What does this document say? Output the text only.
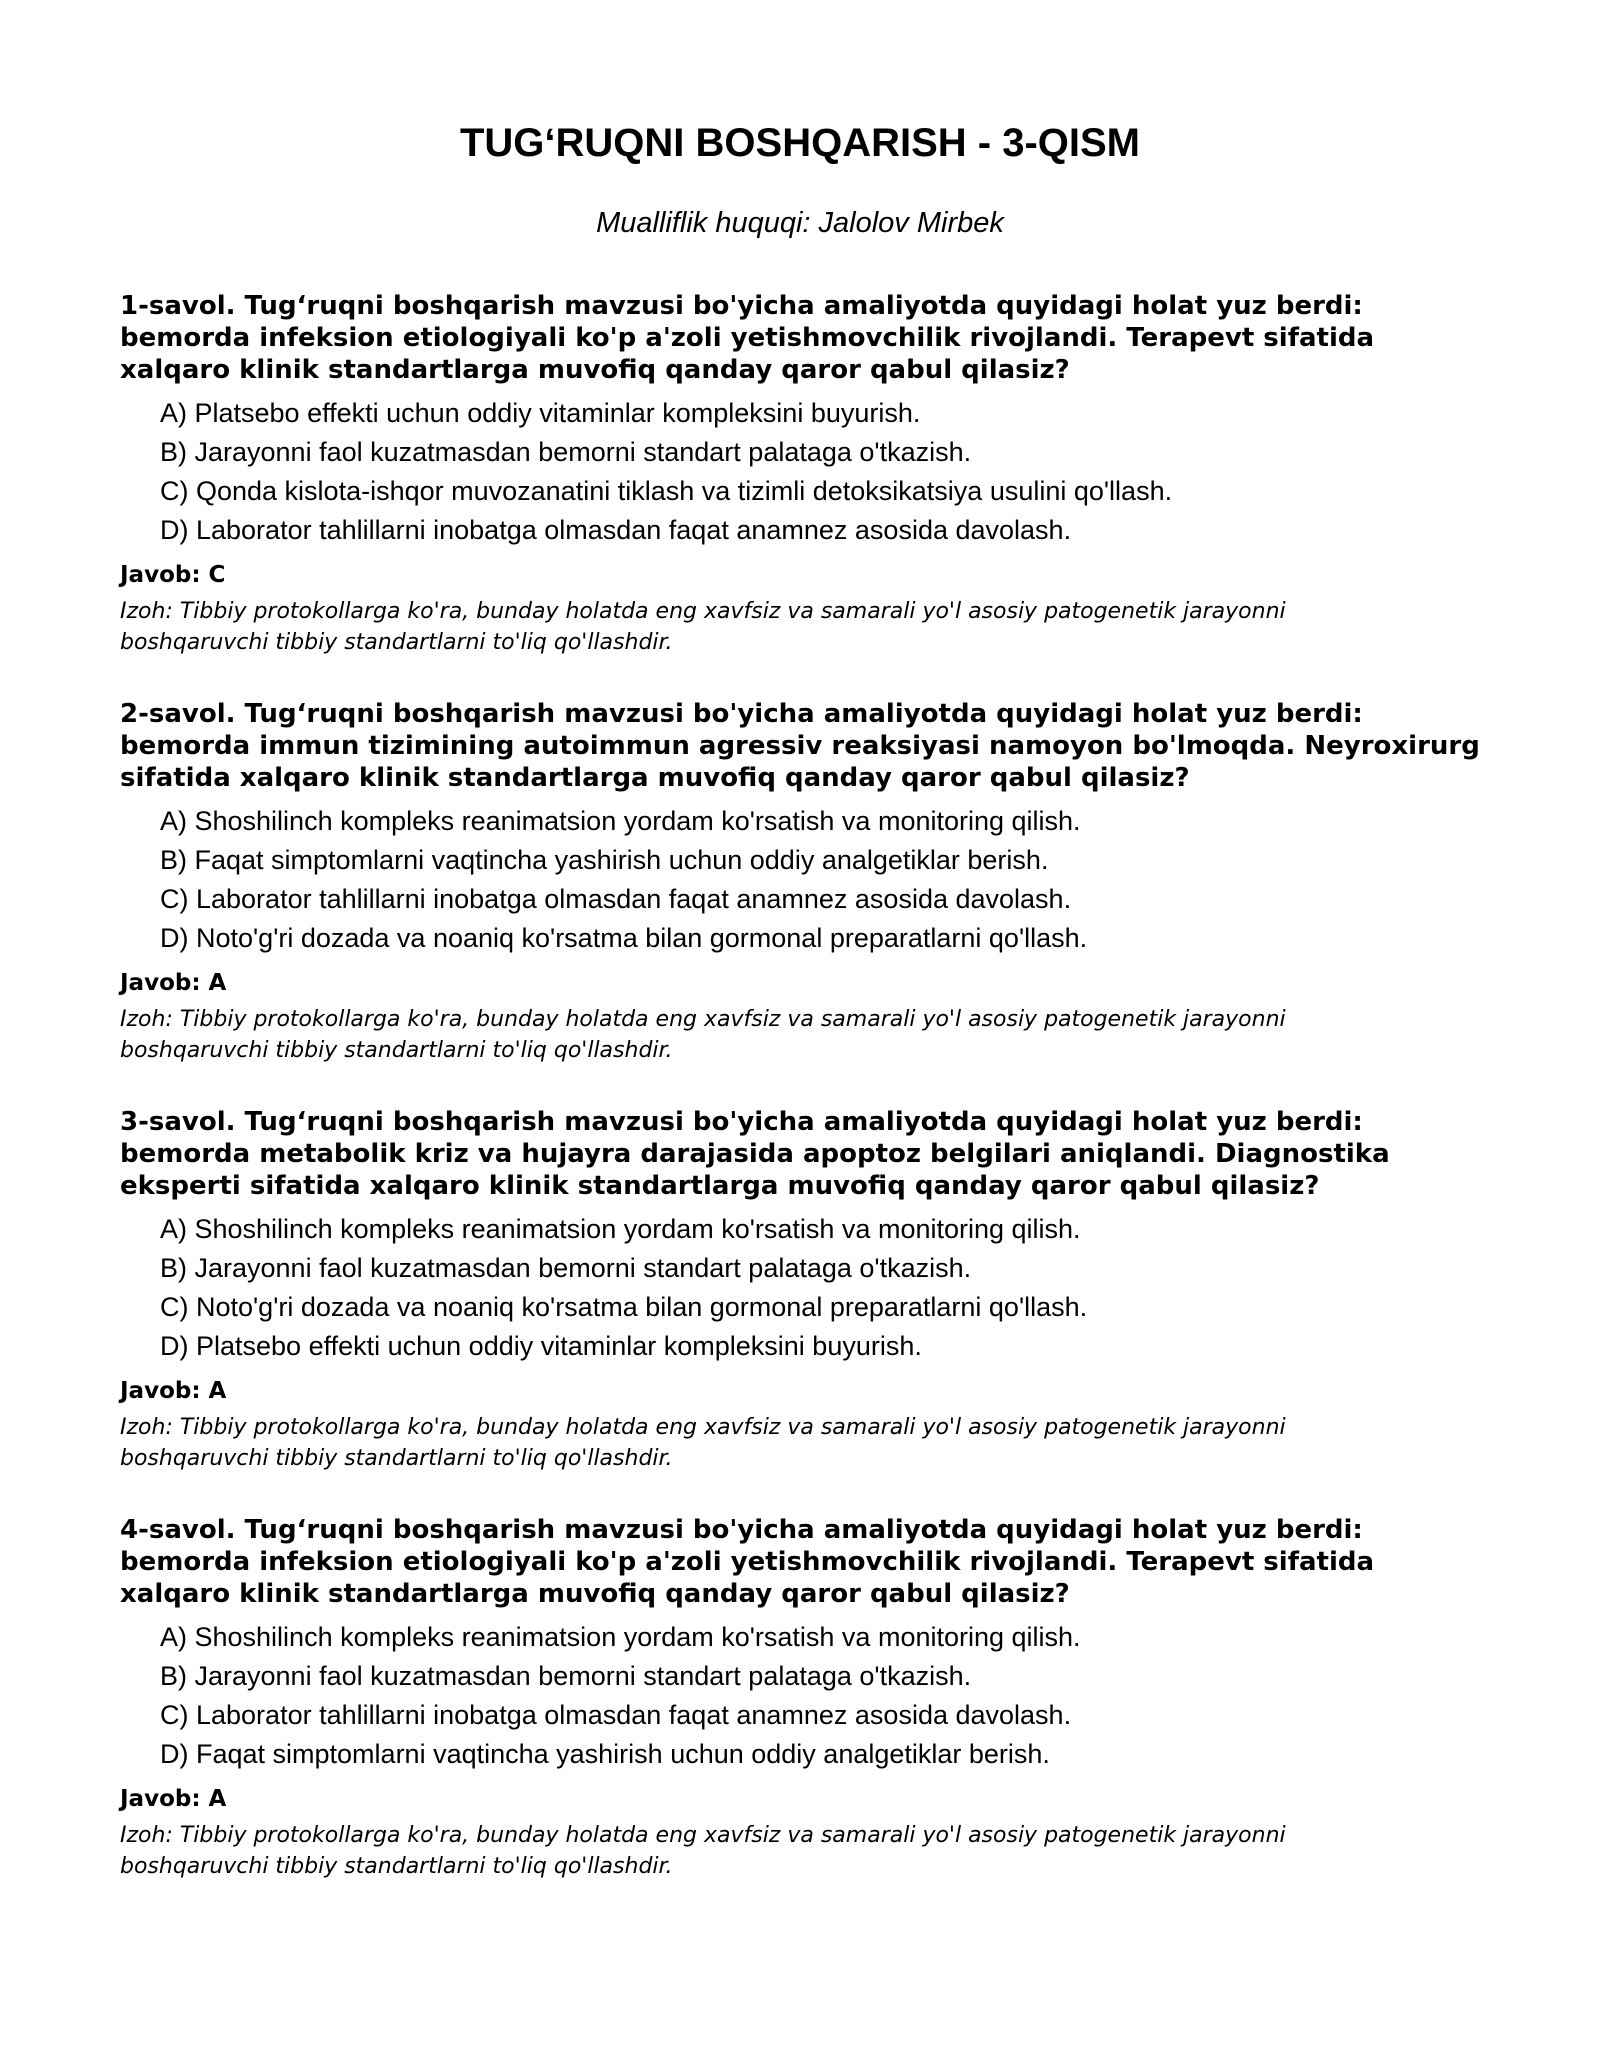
TUG‘RUQNI BOSHQARISH - 3-QISM

Mualliflik huquqi: Jalolov Mirbek

1-savol. Tug‘ruqni boshqarish mavzusi bo'yicha amaliyotda quyidagi holat yuz berdi: bemorda infeksion etiologiyali ko'p a'zoli yetishmovchilik rivojlandi. Terapevt sifatida xalqaro klinik standartlarga muvofiq qanday qaror qabul qilasiz?

A) Platsebo effekti uchun oddiy vitaminlar kompleksini buyurish.
B) Jarayonni faol kuzatmasdan bemorni standart palataga o'tkazish.
C) Qonda kislota-ishqor muvozanatini tiklash va tizimli detoksikatsiya usulini qo'llash.
D) Laborator tahlillarni inobatga olmasdan faqat anamnez asosida davolash.

Javob: C

Izoh: Tibbiy protokollarga ko'ra, bunday holatda eng xavfsiz va samarali yo'l asosiy patogenetik jarayonni boshqaruvchi tibbiy standartlarni to'liq qo'llashdir.

2-savol. Tug‘ruqni boshqarish mavzusi bo'yicha amaliyotda quyidagi holat yuz berdi: bemorda immun tizimining autoimmun agressiv reaksiyasi namoyon bo'lmoqda. Neyroxirurg sifatida xalqaro klinik standartlarga muvofiq qanday qaror qabul qilasiz?

A) Shoshilinch kompleks reanimatsion yordam ko'rsatish va monitoring qilish.
B) Faqat simptomlarni vaqtincha yashirish uchun oddiy analgetiklar berish.
C) Laborator tahlillarni inobatga olmasdan faqat anamnez asosida davolash.
D) Noto'g'ri dozada va noaniq ko'rsatma bilan gormonal preparatlarni qo'llash.

Javob: A

Izoh: Tibbiy protokollarga ko'ra, bunday holatda eng xavfsiz va samarali yo'l asosiy patogenetik jarayonni boshqaruvchi tibbiy standartlarni to'liq qo'llashdir.

3-savol. Tug‘ruqni boshqarish mavzusi bo'yicha amaliyotda quyidagi holat yuz berdi: bemorda metabolik kriz va hujayra darajasida apoptoz belgilari aniqlandi. Diagnostika eksperti sifatida xalqaro klinik standartlarga muvofiq qanday qaror qabul qilasiz?

A) Shoshilinch kompleks reanimatsion yordam ko'rsatish va monitoring qilish.
B) Jarayonni faol kuzatmasdan bemorni standart palataga o'tkazish.
C) Noto'g'ri dozada va noaniq ko'rsatma bilan gormonal preparatlarni qo'llash.
D) Platsebo effekti uchun oddiy vitaminlar kompleksini buyurish.

Javob: A

Izoh: Tibbiy protokollarga ko'ra, bunday holatda eng xavfsiz va samarali yo'l asosiy patogenetik jarayonni boshqaruvchi tibbiy standartlarni to'liq qo'llashdir.

4-savol. Tug‘ruqni boshqarish mavzusi bo'yicha amaliyotda quyidagi holat yuz berdi: bemorda infeksion etiologiyali ko'p a'zoli yetishmovchilik rivojlandi. Terapevt sifatida xalqaro klinik standartlarga muvofiq qanday qaror qabul qilasiz?

A) Shoshilinch kompleks reanimatsion yordam ko'rsatish va monitoring qilish.
B) Jarayonni faol kuzatmasdan bemorni standart palataga o'tkazish.
C) Laborator tahlillarni inobatga olmasdan faqat anamnez asosida davolash.
D) Faqat simptomlarni vaqtincha yashirish uchun oddiy analgetiklar berish.

Javob: A

Izoh: Tibbiy protokollarga ko'ra, bunday holatda eng xavfsiz va samarali yo'l asosiy patogenetik jarayonni boshqaruvchi tibbiy standartlarni to'liq qo'llashdir.
